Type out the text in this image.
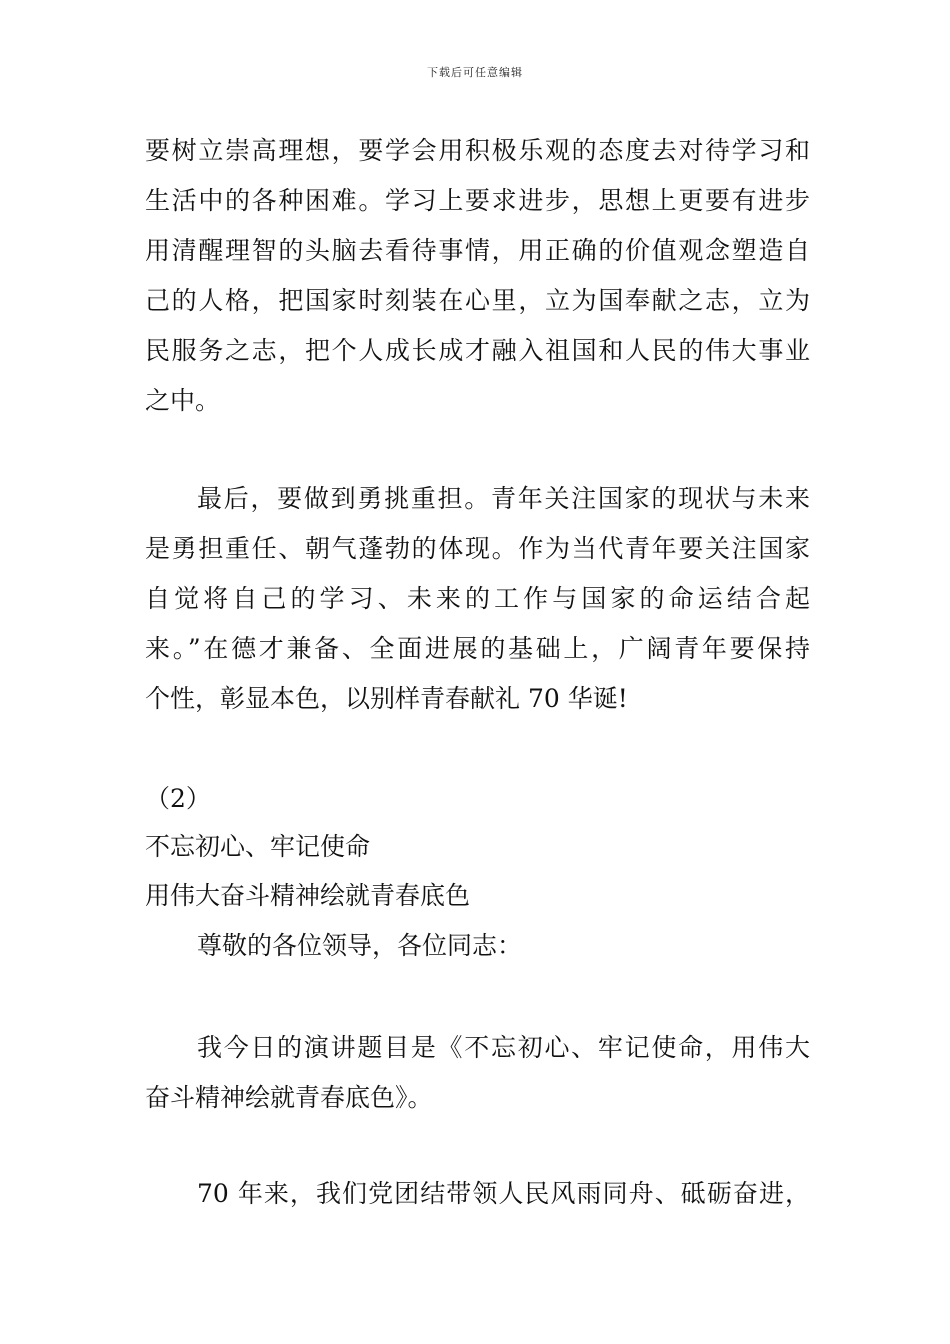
下载后可任意编辑
要树立崇高理想，要学会用积极乐观的态度去对待学习和
生活中的各种困难。学习上要求进步，思想上更要有进步
用清醒理智的头脑去看待事情，用正确的价值观念塑造自
己的人格，把国家时刻装在心里，立为国奉献之志，立为
民服务之志，把个人成长成才融入祖国和人民的伟大事业
之中。
最后，要做到勇挑重担。青年关注国家的现状与未来
是勇担重任、朝气蓬勃的体现。作为当代青年要关注国家
自觉将自己的学习、未来的工作与国家的命运结合起
来。”在德才兼备、全面进展的基础上，广阔青年要保持
个性，彰显本色，以别样青春献礼 70 华诞!
（2）
不忘初心、牢记使命
用伟大奋斗精神绘就青春底色
尊敬的各位领导，各位同志：
我今日的演讲题目是《不忘初心、牢记使命，用伟大
奋斗精神绘就青春底色》。
70 年来，我们党团结带领人民风雨同舟、砥砺奋进，
